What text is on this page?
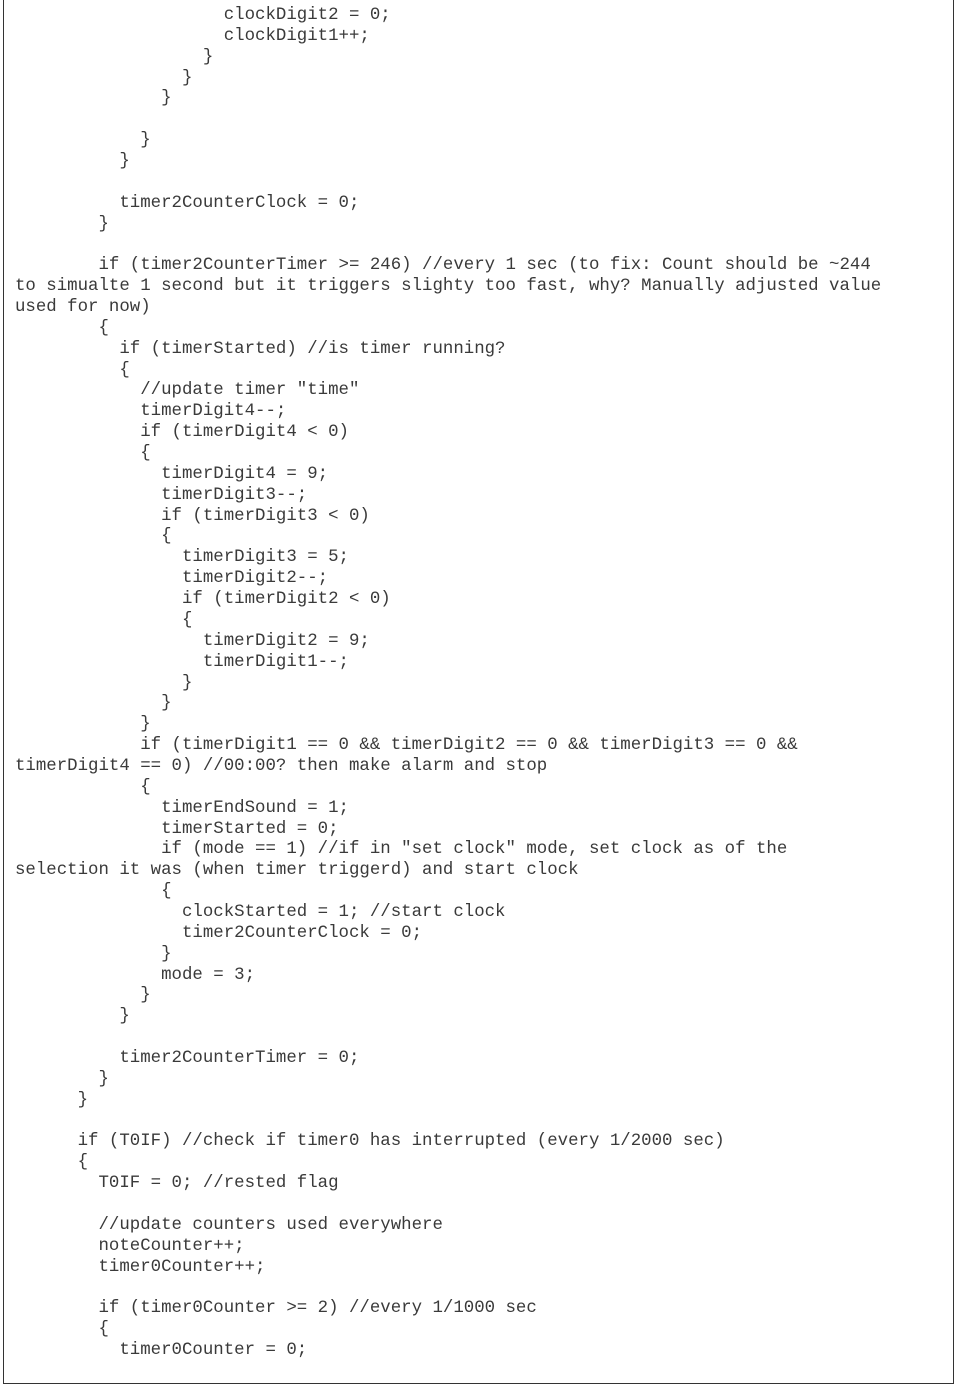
clockDigit2 = 0;
clockDigit1++;
}
}
}
}
}
timer2CounterClock = 0;
}
if (timer2CounterTimer >= 246) //every 1 sec (to fix: Count should be ~244
to simualte 1 second but it triggers slighty too fast, why? Manually adjusted value
used for now)
{
if (timerStarted) //is timer running?
{
//update timer "time"
timerDigit4--;
if (timerDigit4 < 0)
{
timerDigit4 = 9;
timerDigit3--;
if (timerDigit3 < 0)
{
timerDigit3 = 5;
timerDigit2--;
if (timerDigit2 < 0)
{
timerDigit2 = 9;
timerDigit1--;
}
}
}
if (timerDigit1 == 0 && timerDigit2 == 0 && timerDigit3 == 0 &&
timerDigit4 == 0) //00:00? then make alarm and stop
{
timerEndSound = 1;
timerStarted = 0;
if (mode == 1) //if in "set clock" mode, set clock as of the
selection it was (when timer triggerd) and start clock
{
clockStarted = 1; //start clock
timer2CounterClock = 0;
}
mode = 3;
}
}
timer2CounterTimer = 0;
}
}
if (T0IF) //check if timer0 has interrupted (every 1/2000 sec)
{
T0IF = 0; //rested flag
//update counters used everywhere
noteCounter++;
timer0Counter++;
if (timer0Counter >= 2) //every 1/1000 sec
{
timer0Counter = 0;
